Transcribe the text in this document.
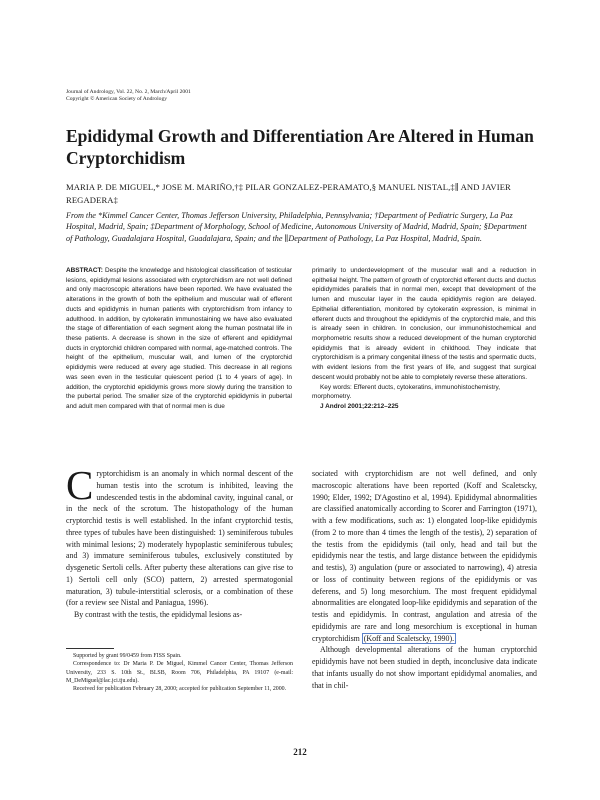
Journal of Andrology, Vol. 22, No. 2, March/April 2001
Copyright © American Society of Andrology
Epididymal Growth and Differentiation Are Altered in Human Cryptorchidism
MARIA P. DE MIGUEL,* JOSE M. MARIÑO,†‡ PILAR GONZALEZ-PERAMATO,§ MANUEL NISTAL,‡∥ AND JAVIER REGADERA‡
From the *Kimmel Cancer Center, Thomas Jefferson University, Philadelphia, Pennsylvania; †Department of Pediatric Surgery, La Paz Hospital, Madrid, Spain; ‡Department of Morphology, School of Medicine, Autonomous University of Madrid, Madrid, Spain; §Department of Pathology, Guadalajara Hospital, Guadalajara, Spain; and the ∥Department of Pathology, La Paz Hospital, Madrid, Spain.

ABSTRACT: Despite the knowledge and histological classification of testicular lesions, epididymal lesions associated with cryptorchidism are not well defined and only macroscopic alterations have been reported. We have evaluated the alterations in the growth of both the epithelium and muscular wall of efferent ducts and epididymis in human patients with cryptorchidism from infancy to adulthood. In addition, by cytokeratin immunostaining we have also evaluated the stage of differentiation of each segment along the human postnatal life in these patients. A decrease is shown in the size of efferent and epididymal ducts in cryptorchid children compared with normal, age-matched controls. The height of the epithelium, muscular wall, and lumen of the cryptorchid epididymis were reduced at every age studied. This decrease in all regions was seen even in the testicular quiescent period (1 to 4 years of age). In addition, the cryptorchid epididymis grows more slowly during the transition to the pubertal period. The smaller size of the cryptorchid epididymis in pubertal and adult men compared with that of normal men is due

primarily to underdevelopment of the muscular wall and a reduction in epithelial height. The pattern of growth of cryptorchid efferent ducts and ductus epididymides parallels that in normal men, except that development of the lumen and muscular layer in the cauda epididymis region are delayed. Epithelial differentiation, monitored by cytokeratin expression, is minimal in efferent ducts and throughout the epididymis of the cryptorchid male, and this is already seen in children. In conclusion, our immunohistochemical and morphometric results show a reduced development of the human cryptorchid epididymis that is already evident in childhood. They indicate that cryptorchidism is a primary congenital illness of the testis and spermatic ducts, with evident lesions from the first years of life, and suggest that surgical descent would probably not be able to completely reverse these alterations.

Key words: Efferent ducts, cytokeratins, immunohistochemistry, morphometry.

J Androl 2001;22:212–225

Cryptorchidism is an anomaly in which normal descent of the human testis into the scrotum is inhibited, leaving the undescended testis in the abdominal cavity, inguinal canal, or in the neck of the scrotum. The histopathology of the human cryptorchid testis is well established. In the infant cryptorchid testis, three types of tubules have been distinguished: 1) seminiferous tubules with minimal lesions; 2) moderately hypoplastic seminiferous tubules; and 3) immature seminiferous tubules, exclusively constituted by dysgenetic Sertoli cells. After puberty these alterations can give rise to 1) Sertoli cell only (SCO) pattern, 2) arrested spermatogonial maturation, 3) tubule-interstitial sclerosis, or a combination of these (for a review see Nistal and Paniagua, 1996).

By contrast with the testis, the epididymal lesions as-

sociated with cryptorchidism are not well defined, and only macroscopic alterations have been reported (Koff and Scaletscky, 1990; Elder, 1992; D'Agostino et al, 1994). Epididymal abnormalities are classified anatomically according to Scorer and Farrington (1971), with a few modifications, such as: 1) elongated loop-like epididymis (from 2 to more than 4 times the length of the testis), 2) separation of the testis from the epididymis (tail only, head and tail but the epididymis near the testis, and large distance between the epididymis and testis), 3) angulation (pure or associated to narrowing), 4) atresia or loss of continuity between regions of the epididymis or vas deferens, and 5) long mesorchium. The most frequent epididymal abnormalities are elongated loop-like epididymis and separation of the testis and epididymis. In contrast, angulation and atresia of the epididymis are rare and long mesorchium is exceptional in human cryptorchidism (Koff and Scaletscky, 1990).

Although developmental alterations of the human cryptorchid epididymis have not been studied in depth, inconclusive data indicate that infants usually do not show important epididymal anomalies, and that in chil-

Supported by grant 99/0459 from FISS Spain.

Correspondence to: Dr Maria P. De Miguel, Kimmel Cancer Center, Thomas Jefferson University, 233 S. 10th St., BLSB, Room 706, Philadelphia, PA 19107 (e-mail: M_DeMiguel@lac.jci.tju.edu).

Received for publication February 28, 2000; accepted for publication September 11, 2000.

212
